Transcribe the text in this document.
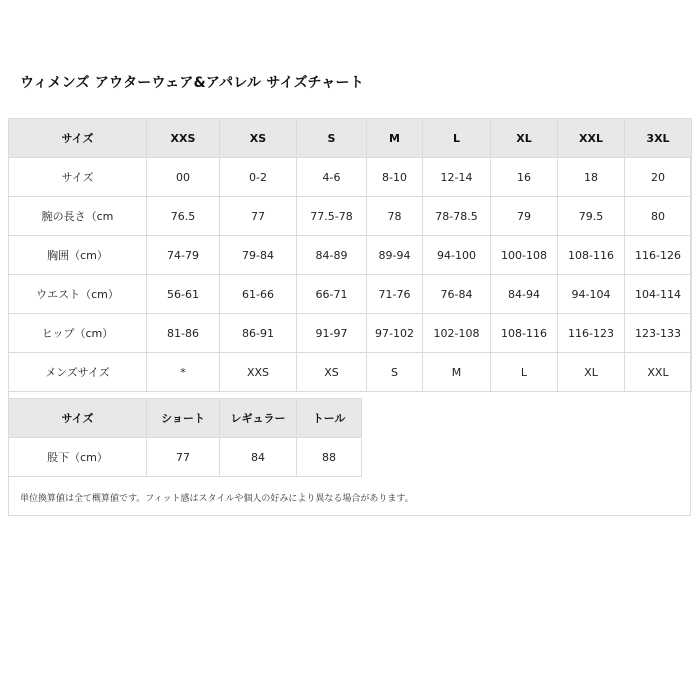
ウィメンズ アウターウェア&アパレル サイズチャート
サイズ	XXS	XS	S	M	L	XL	XXL	3XL
サイズ	00	0-2	4-6	8-10	12-14	16	18	20
腕の長さ（cm	76.5	77	77.5-78	78	78-78.5	79	79.5	80
胸囲（cm）	74-79	79-84	84-89	89-94	94-100	100-108	108-116	116-126
ウエスト（cm）	56-61	61-66	66-71	71-76	76-84	84-94	94-104	104-114
ヒップ（cm）	81-86	86-91	91-97	97-102	102-108	108-116	116-123	123-133
メンズサイズ	*	XXS	XS	S	M	L	XL	XXL
サイズ	ショート	レギュラー	トール
股下（cm）	77	84	88
単位換算値は全て概算値です。フィット感はスタイルや個人の好みにより異なる場合があります。
